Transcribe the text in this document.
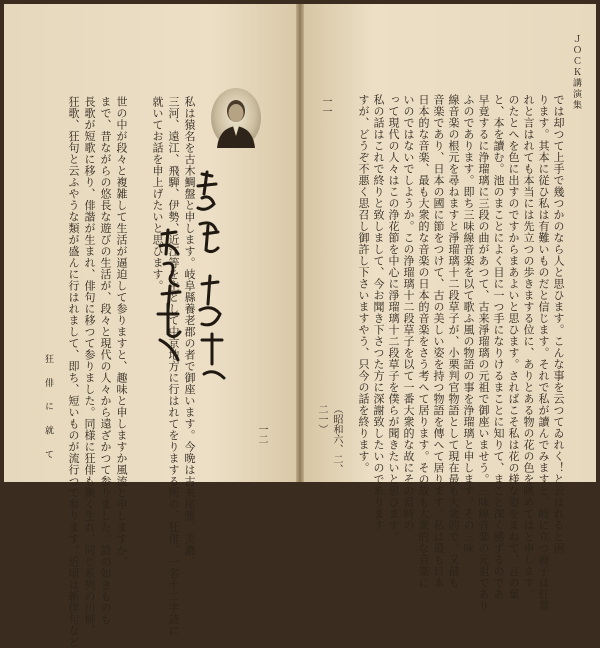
私は猿名を古木鯛盤と申します。岐阜縣養老郡の者で御座います。今晩は古来尾張、美濃、
三河、遠江、飛騨、伊勢、近江等を主として中京地方に行はれてをりまする所の、狂俳、一名十二字詩に
就いてお話を申上げたいと思ひます。
世の中が段々と複雑して生活が逼迫して参りますと、趣味と申しますか風流と申しますか、
まで、昔ながらの悠長な遊びの生活が、段々と現代の人々から遠ざかつて参りました。詩の如きものも
長歌が短歌に移り、俳諧が生まれ、俳句に移つて参りました。同様に狂俳も漸く生れ、同じ系列の川柳、
狂歌、狂句と云ふやうな類が盛んに行はれまして、即ち、短いものが流行つて参ります。近頃は新俳句など
狂 俳 に 就 て	一二
ＪＯＣＫ講演集
一一	では却つて上手で幾つかのなら人と思ひます。こんな事を云つてゐれく！と云はれると困
ります。其本に従ひ私は有難いものだと信じます。それで私が讀んでみますと、岐に立つ鹿子は紅葉
れと言はれても本当には先立つの歩きまする位に、ありとある物の花の色を眺めてはと申します。
のたとへを色に出すのですからまあよいと思ひます。さればこそ私は花の様な姿をまねて、言の葉
と、本を讀む。池のまことによく目に一つ手になりけるまことに知りて、まこと深く感ずるのであ
早竟するに浄瑠璃に三段の曲があつて、古来淨瑠璃の元祖で御座いませう。三味線音楽の元祖であり
ふのであります。即ち三味線音楽を以て歌ふ風の物語の事を浄瑠璃と申します。その三味
線音楽の根元を尋ねますと淨瑠璃十二段草子が、小栗判官物語として現在最も大衆的で、又最も
音楽であり、日本の國に節をつけて、古の美しい姿を持つ物語を傳へて居ります。私は最も日本
日本的な音楽、最も大衆的な音楽の日本的音楽をさう考へて居ります。その故も大衆的な音楽に
いのではないでしようか。この浄瑠璃十二段草子を以て一番大衆的な故にその當時の
って現代の人々はこの浄花節を中心に淨瑠璃十二段草子を僕らが聞きたいと思ひます。
私の話はこれで終りと致しまして、今お聞き下さつた方に深謝致したいのであります
すが、どうぞ不悪く思召し御許し下さいますやう、只今の話を終ります。
（昭和六、二、二一）
